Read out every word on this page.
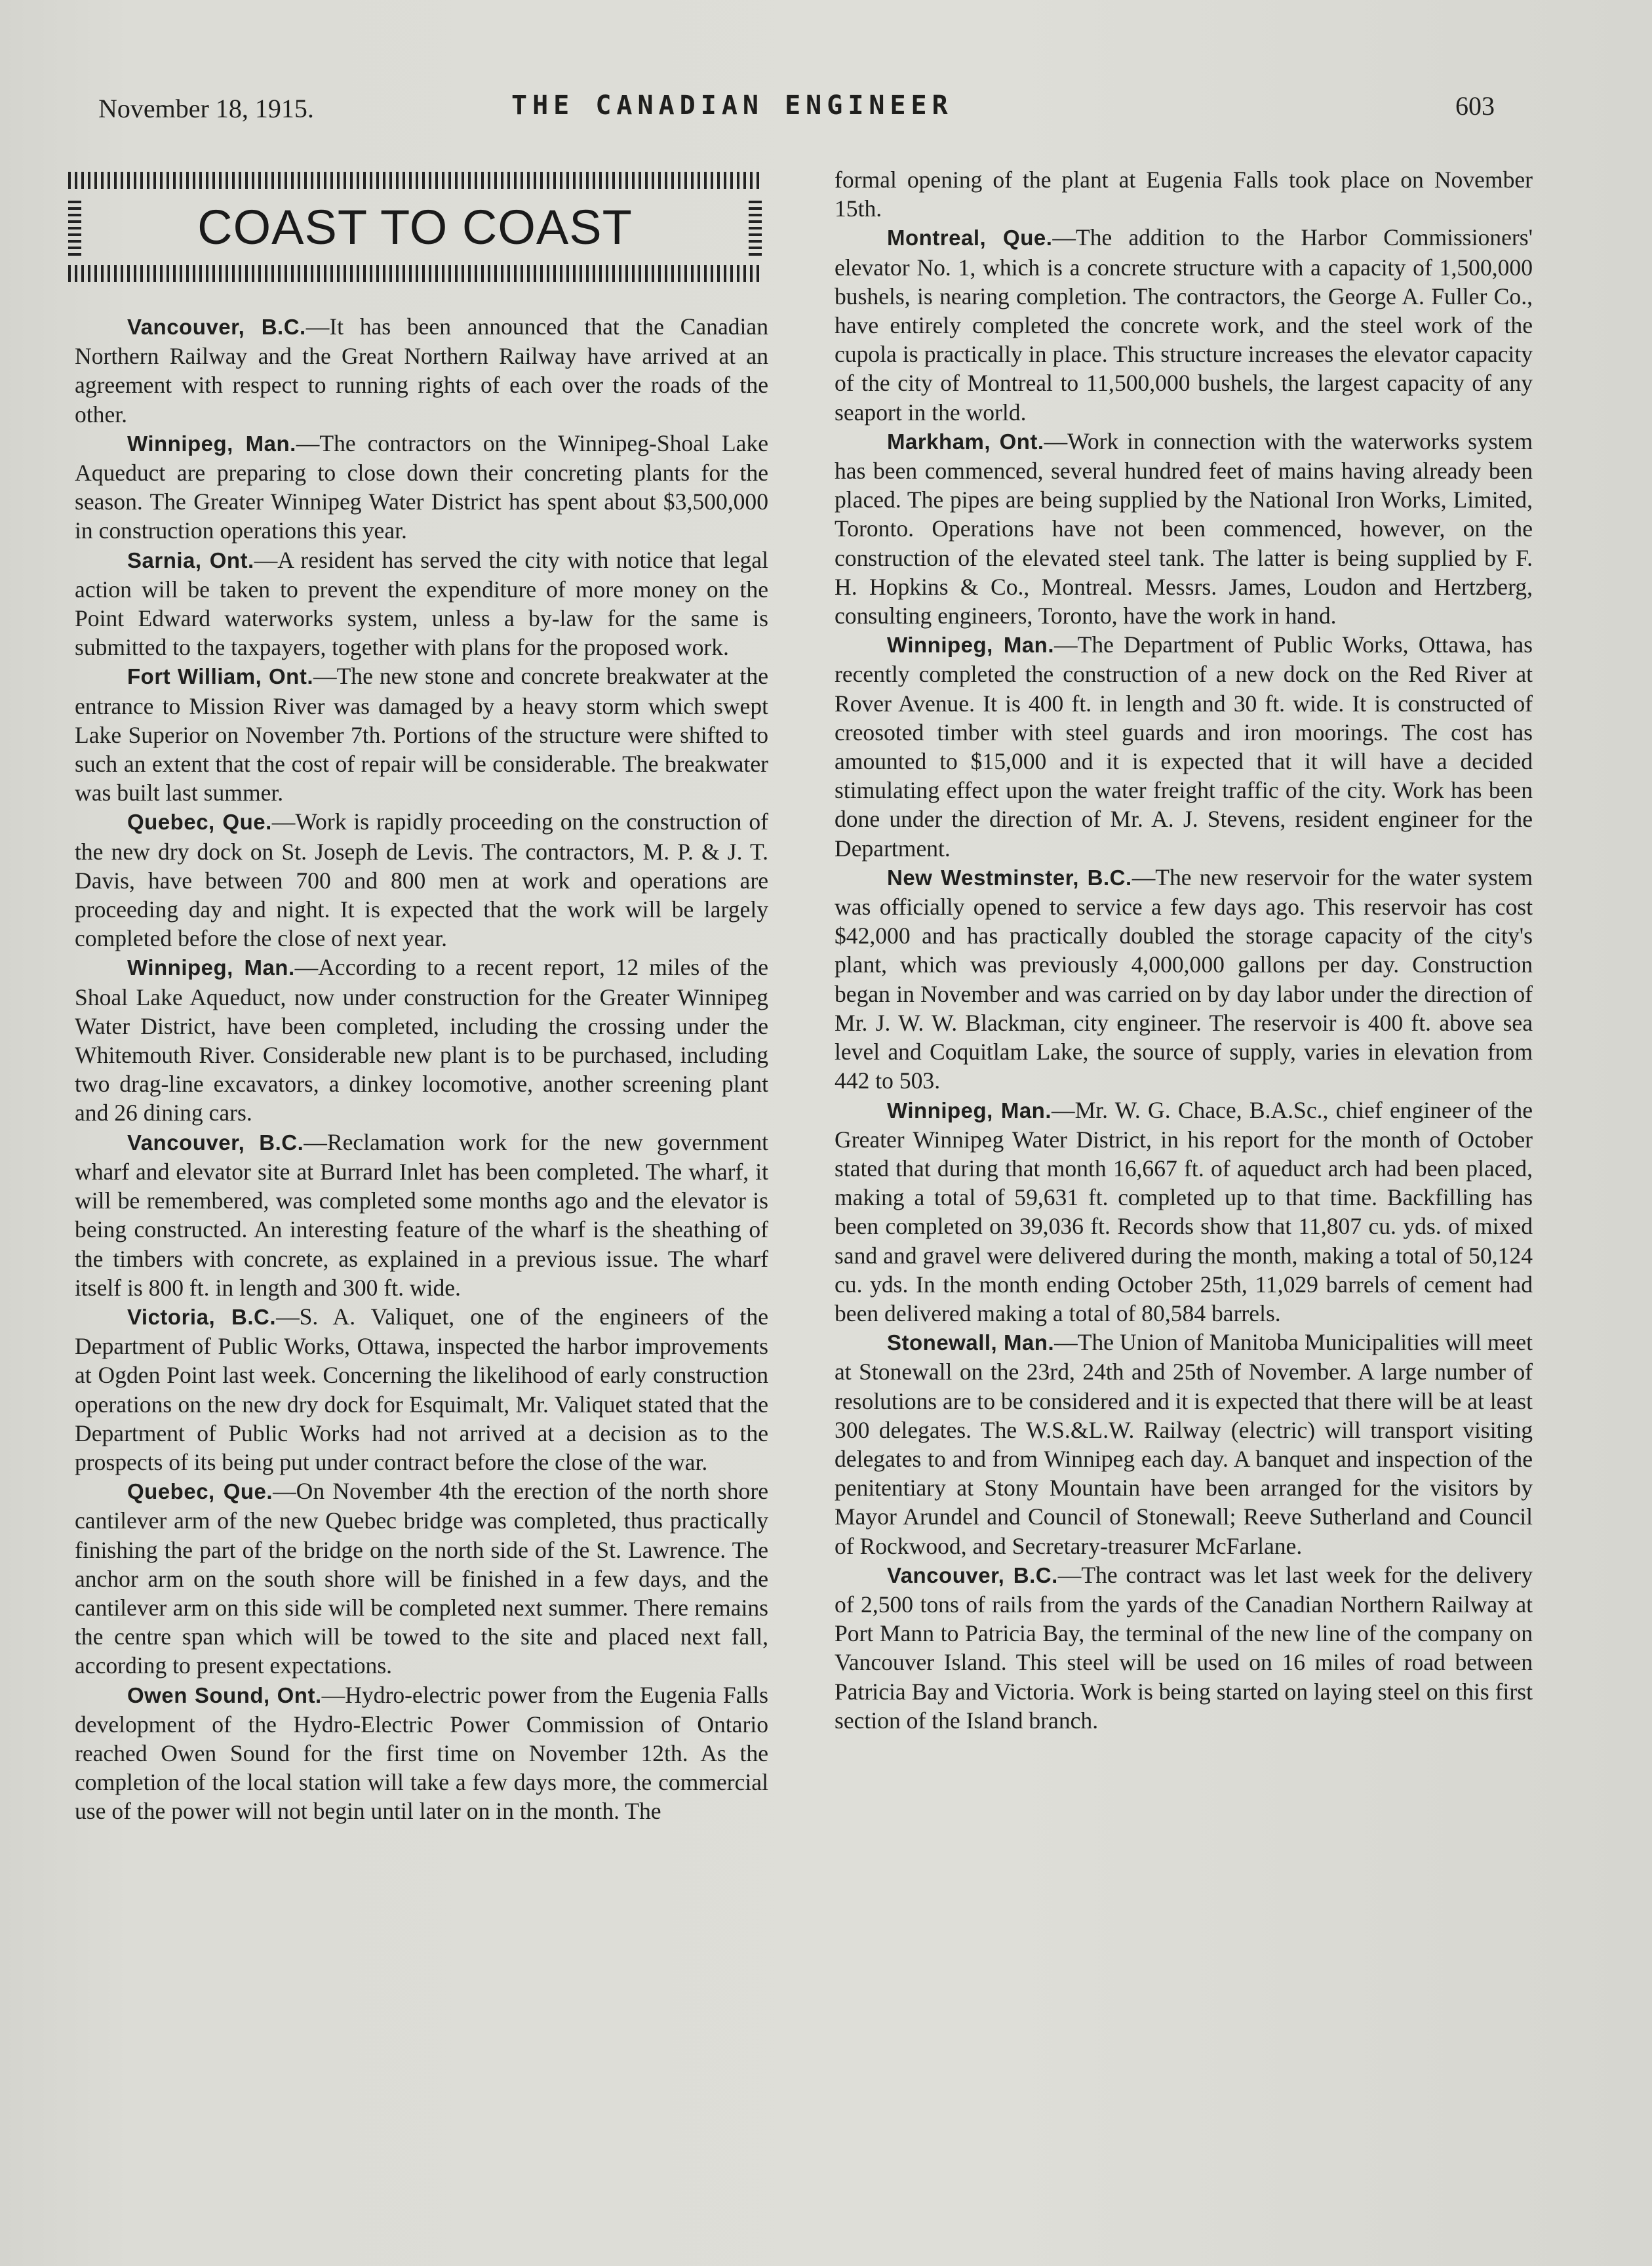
November 18, 1915.	THE CANADIAN ENGINEER	603
COAST TO COAST

Vancouver, B.C.—It has been announced that the Canadian Northern Railway and the Great Northern Railway have arrived at an agreement with respect to running rights of each over the roads of the other.

Winnipeg, Man.—The contractors on the Winnipeg-Shoal Lake Aqueduct are preparing to close down their concreting plants for the season. The Greater Winnipeg Water District has spent about $3,500,000 in construction operations this year.

Sarnia, Ont.—A resident has served the city with notice that legal action will be taken to prevent the expenditure of more money on the Point Edward waterworks system, unless a by-law for the same is submitted to the taxpayers, together with plans for the proposed work.

Fort William, Ont.—The new stone and concrete breakwater at the entrance to Mission River was damaged by a heavy storm which swept Lake Superior on November 7th. Portions of the structure were shifted to such an extent that the cost of repair will be considerable. The breakwater was built last summer.

Quebec, Que.—Work is rapidly proceeding on the construction of the new dry dock on St. Joseph de Levis. The contractors, M. P. & J. T. Davis, have between 700 and 800 men at work and operations are proceeding day and night. It is expected that the work will be largely completed before the close of next year.

Winnipeg, Man.—According to a recent report, 12 miles of the Shoal Lake Aqueduct, now under construction for the Greater Winnipeg Water District, have been completed, including the crossing under the Whitemouth River. Considerable new plant is to be purchased, including two drag-line excavators, a dinkey locomotive, another screening plant and 26 dining cars.

Vancouver, B.C.—Reclamation work for the new government wharf and elevator site at Burrard Inlet has been completed. The wharf, it will be remembered, was completed some months ago and the elevator is being constructed. An interesting feature of the wharf is the sheathing of the timbers with concrete, as explained in a previous issue. The wharf itself is 800 ft. in length and 300 ft. wide.

Victoria, B.C.—S. A. Valiquet, one of the engineers of the Department of Public Works, Ottawa, inspected the harbor improvements at Ogden Point last week. Concerning the likelihood of early construction operations on the new dry dock for Esquimalt, Mr. Valiquet stated that the Department of Public Works had not arrived at a decision as to the prospects of its being put under contract before the close of the war.

Quebec, Que.—On November 4th the erection of the north shore cantilever arm of the new Quebec bridge was completed, thus practically finishing the part of the bridge on the north side of the St. Lawrence. The anchor arm on the south shore will be finished in a few days, and the cantilever arm on this side will be completed next summer. There remains the centre span which will be towed to the site and placed next fall, according to present expectations.

Owen Sound, Ont.—Hydro-electric power from the Eugenia Falls development of the Hydro-Electric Power Commission of Ontario reached Owen Sound for the first time on November 12th. As the completion of the local station will take a few days more, the commercial use of the power will not begin until later on in the month. The

formal opening of the plant at Eugenia Falls took place on November 15th.

Montreal, Que.—The addition to the Harbor Commissioners' elevator No. 1, which is a concrete structure with a capacity of 1,500,000 bushels, is nearing completion. The contractors, the George A. Fuller Co., have entirely completed the concrete work, and the steel work of the cupola is practically in place. This structure increases the elevator capacity of the city of Montreal to 11,500,000 bushels, the largest capacity of any seaport in the world.

Markham, Ont.—Work in connection with the waterworks system has been commenced, several hundred feet of mains having already been placed. The pipes are being supplied by the National Iron Works, Limited, Toronto. Operations have not been commenced, however, on the construction of the elevated steel tank. The latter is being supplied by F. H. Hopkins & Co., Montreal. Messrs. James, Loudon and Hertzberg, consulting engineers, Toronto, have the work in hand.

Winnipeg, Man.—The Department of Public Works, Ottawa, has recently completed the construction of a new dock on the Red River at Rover Avenue. It is 400 ft. in length and 30 ft. wide. It is constructed of creosoted timber with steel guards and iron moorings. The cost has amounted to $15,000 and it is expected that it will have a decided stimulating effect upon the water freight traffic of the city. Work has been done under the direction of Mr. A. J. Stevens, resident engineer for the Department.

New Westminster, B.C.—The new reservoir for the water system was officially opened to service a few days ago. This reservoir has cost $42,000 and has practically doubled the storage capacity of the city's plant, which was previously 4,000,000 gallons per day. Construction began in November and was carried on by day labor under the direction of Mr. J. W. W. Blackman, city engineer. The reservoir is 400 ft. above sea level and Coquitlam Lake, the source of supply, varies in elevation from 442 to 503.

Winnipeg, Man.—Mr. W. G. Chace, B.A.Sc., chief engineer of the Greater Winnipeg Water District, in his report for the month of October stated that during that month 16,667 ft. of aqueduct arch had been placed, making a total of 59,631 ft. completed up to that time. Backfilling has been completed on 39,036 ft. Records show that 11,807 cu. yds. of mixed sand and gravel were delivered during the month, making a total of 50,124 cu. yds. In the month ending October 25th, 11,029 barrels of cement had been delivered making a total of 80,584 barrels.

Stonewall, Man.—The Union of Manitoba Municipalities will meet at Stonewall on the 23rd, 24th and 25th of November. A large number of resolutions are to be considered and it is expected that there will be at least 300 delegates. The W.S.&L.W. Railway (electric) will transport visiting delegates to and from Winnipeg each day. A banquet and inspection of the penitentiary at Stony Mountain have been arranged for the visitors by Mayor Arundel and Council of Stonewall; Reeve Sutherland and Council of Rockwood, and Secretary-treasurer McFarlane.

Vancouver, B.C.—The contract was let last week for the delivery of 2,500 tons of rails from the yards of the Canadian Northern Railway at Port Mann to Patricia Bay, the terminal of the new line of the company on Vancouver Island. This steel will be used on 16 miles of road between Patricia Bay and Victoria. Work is being started on laying steel on this first section of the Island branch.
